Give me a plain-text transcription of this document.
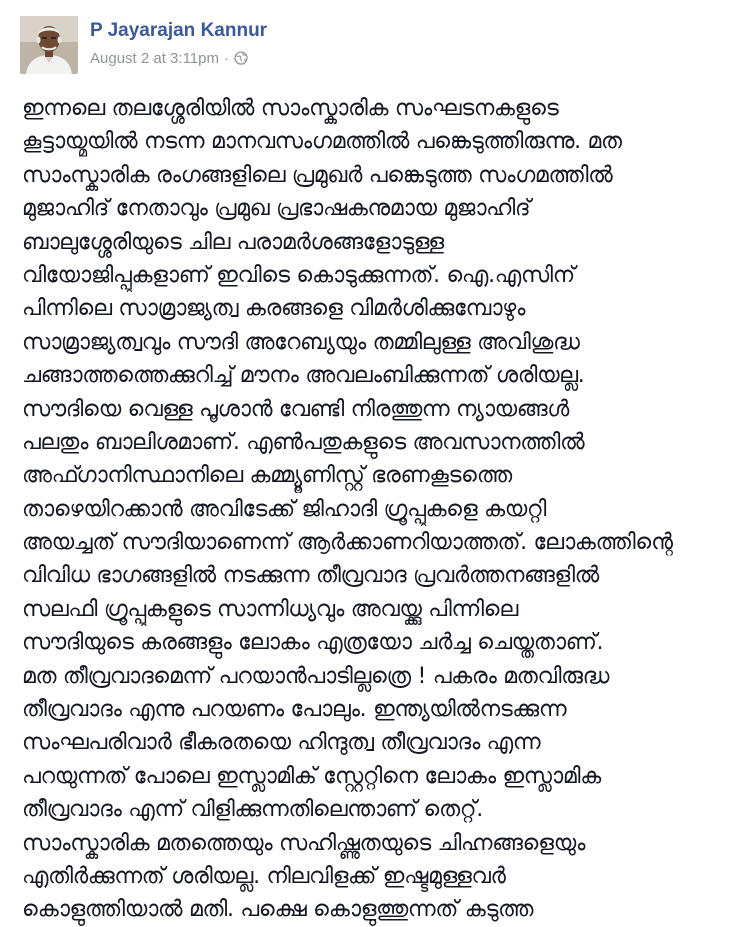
P Jayarajan Kannur
August 2 at 3:11pm ·
ഇന്നലെ തലശ്ശേരിയിൽ സാംസ്കാരിക സംഘടനകളുടെ
കൂട്ടായ്മയിൽ നടന്ന മാനവസംഗമത്തിൽ പങ്കെടുത്തിരുന്നു. മത
സാംസ്കാരിക രംഗങ്ങളിലെ പ്രമുഖർ പങ്കെടുത്ത സംഗമത്തിൽ
മുജാഹിദ് നേതാവും പ്രമുഖ പ്രഭാഷകനുമായ മുജാഹിദ്
ബാലുശ്ശേരിയുടെ ചില പരാമർശങ്ങളോടുള്ള
വിയോജിപ്പുകളാണ് ഇവിടെ കൊടുക്കുന്നത്. ഐ.എസിന്
പിന്നിലെ സാമ്രാജ്യത്വ കരങ്ങളെ വിമർശിക്കുമ്പോഴും
സാമ്രാജ്യത്വവും സൗദി അറേബ്യയും തമ്മിലുള്ള അവിശുദ്ധ
ചങ്ങാത്തത്തെക്കുറിച്ച് മൗനം അവലംബിക്കുന്നത് ശരിയല്ല.
സൗദിയെ വെള്ള പൂശാൻ വേണ്ടി നിരത്തുന്ന ന്യായങ്ങൾ
പലതും ബാലിശമാണ്. എൺപതുകളുടെ അവസാനത്തിൽ
അഫ്ഗാനിസ്ഥാനിലെ കമ്മ്യൂണിസ്റ്റ് ഭരണകൂടത്തെ
താഴെയിറക്കാൻ അവിടേക്ക് ജിഹാദി ഗ്രൂപ്പുകളെ കയറ്റി
അയച്ചത് സൗദിയാണെന്ന് ആർക്കാണറിയാത്തത്. ലോകത്തിന്റെ
വിവിധ ഭാഗങ്ങളിൽ നടക്കുന്ന തീവ്രവാദ പ്രവർത്തനങ്ങളിൽ
സലഫി ഗ്രൂപ്പുകളുടെ സാന്നിധ്യവും അവയ്ക്കു പിന്നിലെ
സൗദിയുടെ കരങ്ങളും ലോകം എത്രയോ ചർച്ച ചെയ്തതാണ്.
മത തീവ്രവാദമെന്ന് പറയാൻപാടില്ലത്രെ ! പകരം മതവിരുദ്ധ
തീവ്രവാദം എന്നു പറയണം പോലും. ഇന്ത്യയിൽനടക്കുന്ന
സംഘപരിവാർ ഭീകരതയെ ഹിന്ദുത്വ തീവ്രവാദം എന്ന
പറയുന്നത് പോലെ ഇസ്ലാമിക് സ്റ്റേറ്റിനെ ലോകം ഇസ്ലാമിക
തീവ്രവാദം എന്ന് വിളിക്കുന്നതിലെന്താണ് തെറ്റ്.
സാംസ്കാരിക മതത്തെയും സഹിഷ്ണുതയുടെ ചിഹ്നങ്ങളെയും
എതിർക്കുന്നത് ശരിയല്ല. നിലവിളക്ക് ഇഷ്ടമുള്ളവർ
കൊളുത്തിയാൽ മതി. പക്ഷെ കൊളുത്തുന്നത് കടുത്ത
